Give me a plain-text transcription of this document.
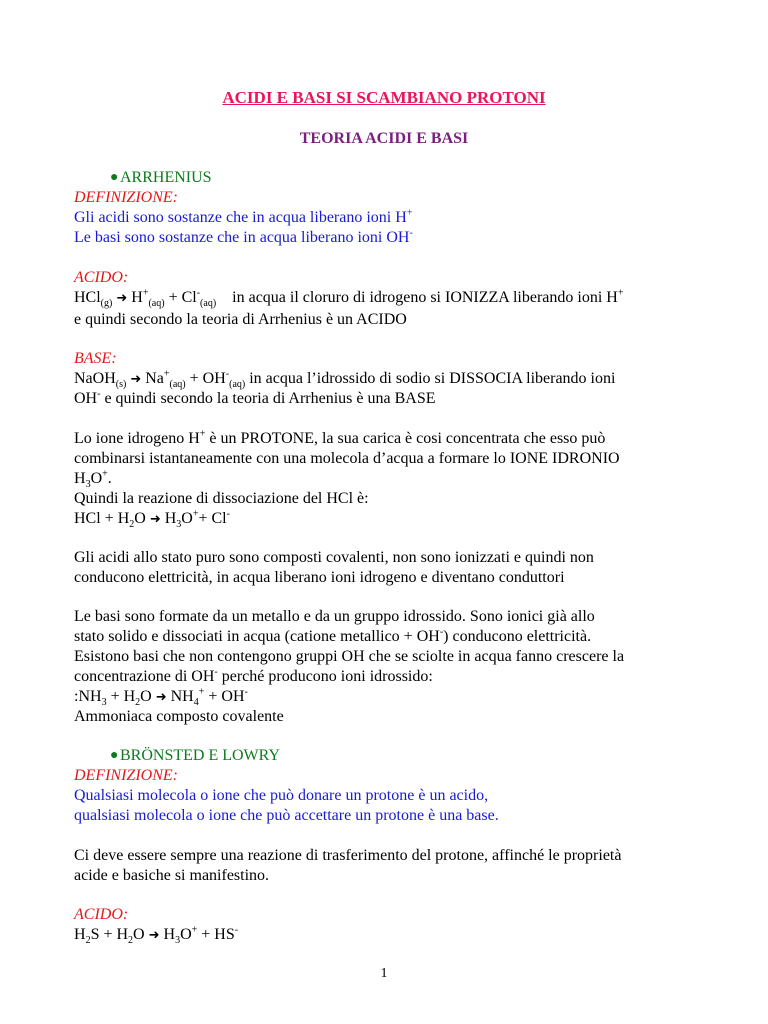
ACIDI E BASI SI SCAMBIANO PROTONI
TEORIA ACIDI E BASI
● ARRHENIUS
DEFINIZIONE:
Gli acidi sono sostanze che in acqua liberano ioni H+
Le basi sono sostanze che in acqua liberano ioni OH-
ACIDO:
HCl$_{(g)}$ ➜ $H^+_{(aq)} + Cl^-_{(aq)}$ in acqua il cloruro di idrogeno si IONIZZA liberando ioni H+
e quindi secondo la teoria di Arrhenius è un ACIDO
BASE:
NaOH$_{(s)}$ ➜ $Na^+_{(aq)} + OH^-_{(aq)}$ in acqua l’idrossido di sodio si DISSOCIA liberando ioni
OH- e quindi secondo la teoria di Arrhenius è una BASE
Lo ione idrogeno H+ è un PROTONE, la sua carica è cosi concentrata che esso può
combinarsi istantaneamente con una molecola d’acqua a formare lo IONE IDRONIO
$H_3O^+$.
Quindi la reazione di dissociazione del HCl è:
HCl + $H_2O$ ➜ $H_3O^++ Cl^-$
Gli acidi allo stato puro sono composti covalenti, non sono ionizzati e quindi non
conducono elettricità, in acqua liberano ioni idrogeno e diventano conduttori
Le basi sono formate da un metallo e da un gruppo idrossido. Sono ionici già allo
stato solido e dissociati in acqua (catione metallico + OH-) conducono elettricità.
Esistono basi che non contengono gruppi OH che se sciolte in acqua fanno crescere la
concentrazione di OH- perché producono ioni idrossido:
$:NH_3 + H_2O$ ➜ $NH_4^+ + OH^-$
Ammoniaca composto covalente
● BRÖNSTED E LOWRY
DEFINIZIONE:
Qualsiasi molecola o ione che può donare un protone è un acido,
qualsiasi molecola o ione che può accettare un protone è una base.
Ci deve essere sempre una reazione di trasferimento del protone, affinché le proprietà
acide e basiche si manifestino.
ACIDO:
$H_2S + H_2O$ ➜ $H_3O^+ + HS^-$
1
